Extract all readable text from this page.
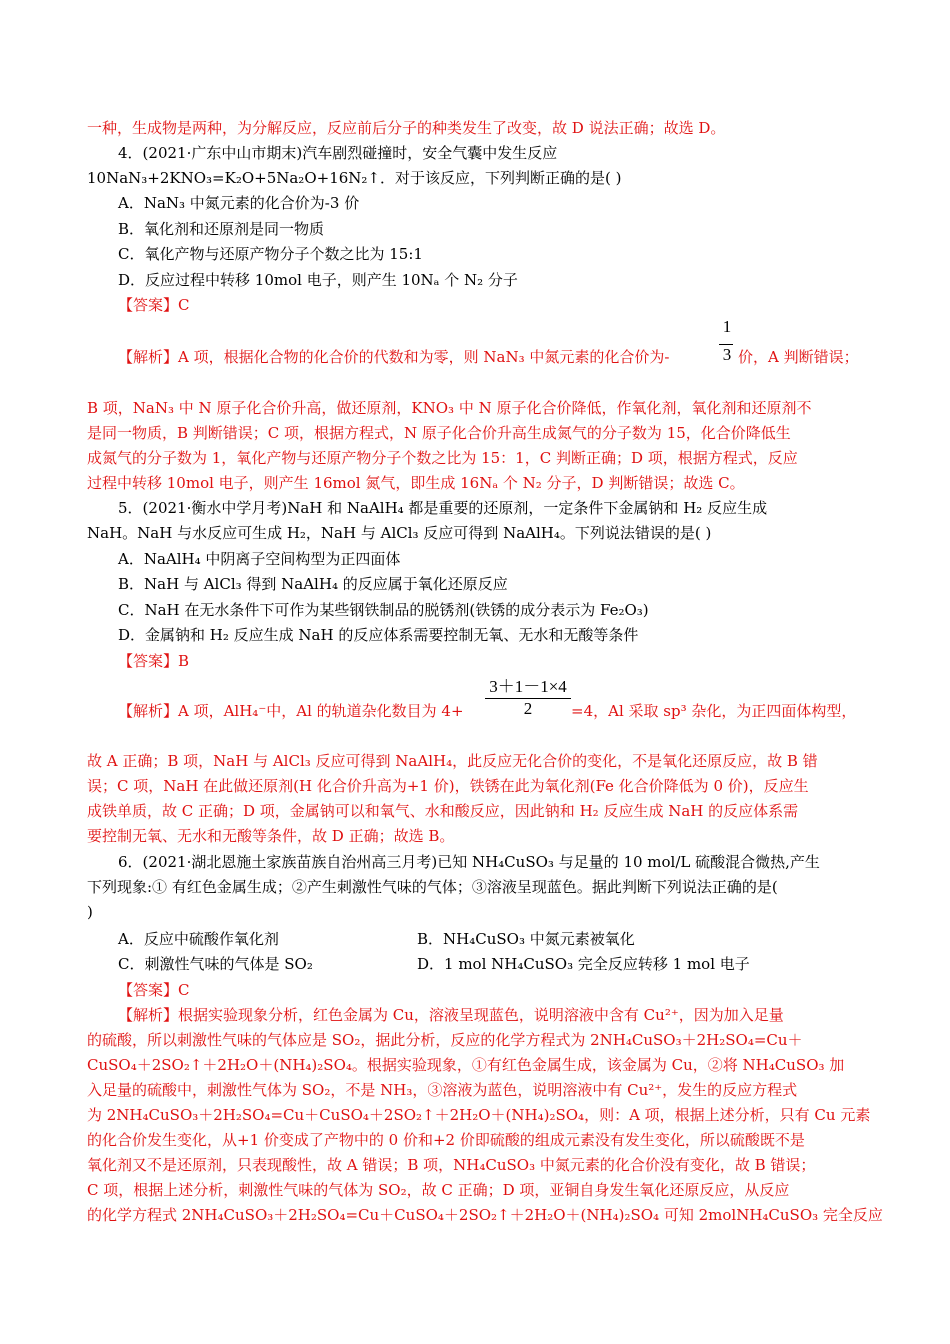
一种，生成物是两种，为分解反应，反应前后分子的种类发生了改变，故 D 说法正确；故选 D。
4．(2021·广东中山市期末)汽车剧烈碰撞时，安全气囊中发生反应
10NaN₃+2KNO₃=K₂O+5Na₂O+16N₂↑．对于该反应，下列判断正确的是( )
A．NaN₃ 中氮元素的化合价为-3 价
B．氧化剂和还原剂是同一物质
C．氧化产物与还原产物分子个数之比为 15:1
D．反应过程中转移 10mol 电子，则产生 10Nₐ 个 N₂ 分子
【答案】C
【解析】A 项，根据化合物的化合价的代数和为零，则 NaN₃ 中氮元素的化合价为-
1
3 价，A 判断错误；
B 项，NaN₃ 中 N 原子化合价升高，做还原剂，KNO₃ 中 N 原子化合价降低，作氧化剂，氧化剂和还原剂不
是同一物质，B 判断错误；C 项，根据方程式，N 原子化合价升高生成氮气的分子数为 15，化合价降低生
成氮气的分子数为 1，氧化产物与还原产物分子个数之比为 15：1，C 判断正确；D 项，根据方程式，反应
过程中转移 10mol 电子，则产生 16mol 氮气，即生成 16Nₐ 个 N₂ 分子，D 判断错误；故选 C。
5．(2021·衡水中学月考)NaH 和 NaAlH₄ 都是重要的还原剂，一定条件下金属钠和 H₂ 反应生成
NaH。NaH 与水反应可生成 H₂，NaH 与 AlCl₃ 反应可得到 NaAlH₄。下列说法错误的是( )
A．NaAlH₄ 中阴离子空间构型为正四面体
B．NaH 与 AlCl₃ 得到 NaAlH₄ 的反应属于氧化还原反应
C．NaH 在无水条件下可作为某些钢铁制品的脱锈剂(铁锈的成分表示为 Fe₂O₃)
D．金属钠和 H₂ 反应生成 NaH 的反应体系需要控制无氧、无水和无酸等条件
【答案】B
【解析】A 项，AlH₄⁻中，Al 的轨道杂化数目为 4+
3＋1－1×4
2	=4，Al 采取 sp³ 杂化，为正四面体构型，
故 A 正确；B 项，NaH 与 AlCl₃ 反应可得到 NaAlH₄，此反应无化合价的变化，不是氧化还原反应，故 B 错
误；C 项，NaH 在此做还原剂(H 化合价升高为+1 价)，铁锈在此为氧化剂(Fe 化合价降低为 0 价)，反应生
成铁单质，故 C 正确；D 项，金属钠可以和氧气、水和酸反应，因此钠和 H₂ 反应生成 NaH 的反应体系需
要控制无氧、无水和无酸等条件，故 D 正确；故选 B。
6．(2021·湖北恩施土家族苗族自治州高三月考)已知 NH₄CuSO₃ 与足量的 10 mol/L 硫酸混合微热,产生
下列现象:① 有红色金属生成；②产生刺激性气味的气体；③溶液呈现蓝色。据此判断下列说法正确的是(
)
A．反应中硫酸作氧化剂	B．NH₄CuSO₃ 中氮元素被氧化
C．刺激性气味的气体是 SO₂	D．1 mol NH₄CuSO₃ 完全反应转移 1 mol 电子
【答案】C
【解析】根据实验现象分析，红色金属为 Cu，溶液呈现蓝色，说明溶液中含有 Cu²⁺，因为加入足量
的硫酸，所以刺激性气味的气体应是 SO₂，据此分析，反应的化学方程式为 2NH₄CuSO₃＋2H₂SO₄=Cu＋
CuSO₄＋2SO₂↑＋2H₂O＋(NH₄)₂SO₄。根据实验现象，①有红色金属生成，该金属为 Cu，②将 NH₄CuSO₃ 加
入足量的硫酸中，刺激性气体为 SO₂，不是 NH₃，③溶液为蓝色，说明溶液中有 Cu²⁺，发生的反应方程式
为 2NH₄CuSO₃＋2H₂SO₄=Cu＋CuSO₄＋2SO₂↑＋2H₂O＋(NH₄)₂SO₄，则：A 项，根据上述分析，只有 Cu 元素
的化合价发生变化，从+1 价变成了产物中的 0 价和+2 价即硫酸的组成元素没有发生变化，所以硫酸既不是
氧化剂又不是还原剂，只表现酸性，故 A 错误；B 项，NH₄CuSO₃ 中氮元素的化合价没有变化，故 B 错误；
C 项，根据上述分析，刺激性气味的气体为 SO₂，故 C 正确；D 项，亚铜自身发生氧化还原反应，从反应
的化学方程式 2NH₄CuSO₃＋2H₂SO₄=Cu＋CuSO₄＋2SO₂↑＋2H₂O＋(NH₄)₂SO₄ 可知 2molNH₄CuSO₃ 完全反应
